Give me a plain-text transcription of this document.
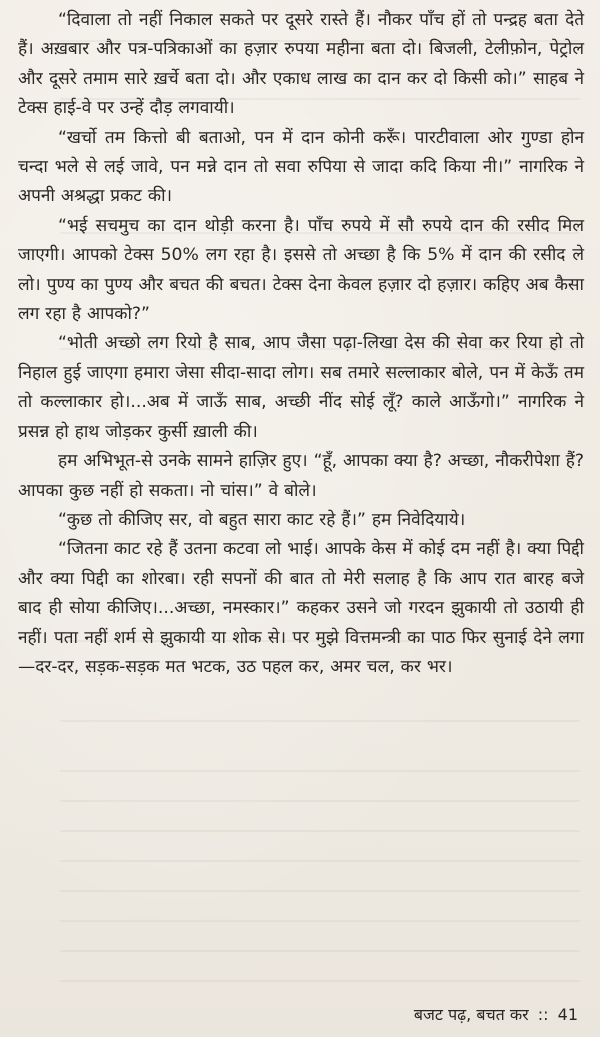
“दिवाला तो नहीं निकाल सकते पर दूसरे रास्ते हैं। नौकर पाँच हों तो पन्द्रह बता देते हैं। अख़बार और पत्र-पत्रिकाओं का हज़ार रुपया महीना बता दो। बिजली, टेलीफ़ोन, पेट्रोल और दूसरे तमाम सारे ख़र्चे बता दो। और एकाध लाख का दान कर दो किसी को।” साहब ने टेक्स हाई-वे पर उन्हें दौड़ लगवायी।

“खर्चो तम कित्तो बी बताओ, पन में दान कोनी करूँ। पारटीवाला ओर गुण्डा होन चन्दा भले से लई जावे, पन मन्ने दान तो सवा रुपिया से जादा कदि किया नी।” नागरिक ने अपनी अश्रद्धा प्रकट की।

“भई सचमुच का दान थोड़ी करना है। पाँच रुपये में सौ रुपये दान की रसीद मिल जाएगी। आपको टेक्स 50% लग रहा है। इससे तो अच्छा है कि 5% में दान की रसीद ले लो। पुण्य का पुण्य और बचत की बचत। टेक्स देना केवल हज़ार दो हज़ार। कहिए अब कैसा लग रहा है आपको?”

“भोती अच्छो लग रियो है साब, आप जैसा पढ़ा-लिखा देस की सेवा कर रिया हो तो निहाल हुई जाएगा हमारा जेसा सीदा-सादा लोग। सब तमारे सल्लाकार बोले, पन में केऊँ तम तो कल्लाकार हो।...अब में जाऊँ साब, अच्छी नींद सोई लूँ? काले आऊँगो।” नागरिक ने प्रसन्न हो हाथ जोड़कर कुर्सी ख़ाली की।

हम अभिभूत-से उनके सामने हाज़िर हुए। “हूँ, आपका क्या है? अच्छा, नौकरीपेशा हैं? आपका कुछ नहीं हो सकता। नो चांस।” वे बोले।

“कुछ तो कीजिए सर, वो बहुत सारा काट रहे हैं।” हम निवेदियाये।

“जितना काट रहे हैं उतना कटवा लो भाई। आपके केस में कोई दम नहीं है। क्या पिद्दी और क्या पिद्दी का शोरबा। रही सपनों की बात तो मेरी सलाह है कि आप रात बारह बजे बाद ही सोया कीजिए।...अच्छा, नमस्कार।” कहकर उसने जो गरदन झुकायी तो उठायी ही नहीं। पता नहीं शर्म से झुकायी या शोक से। पर मुझे वित्तमन्त्री का पाठ फिर सुनाई देने लगा—दर-दर, सड़क-सड़क मत भटक, उठ पहल कर, अमर चल, कर भर।

बजट पढ़, बचत कर :: 41
